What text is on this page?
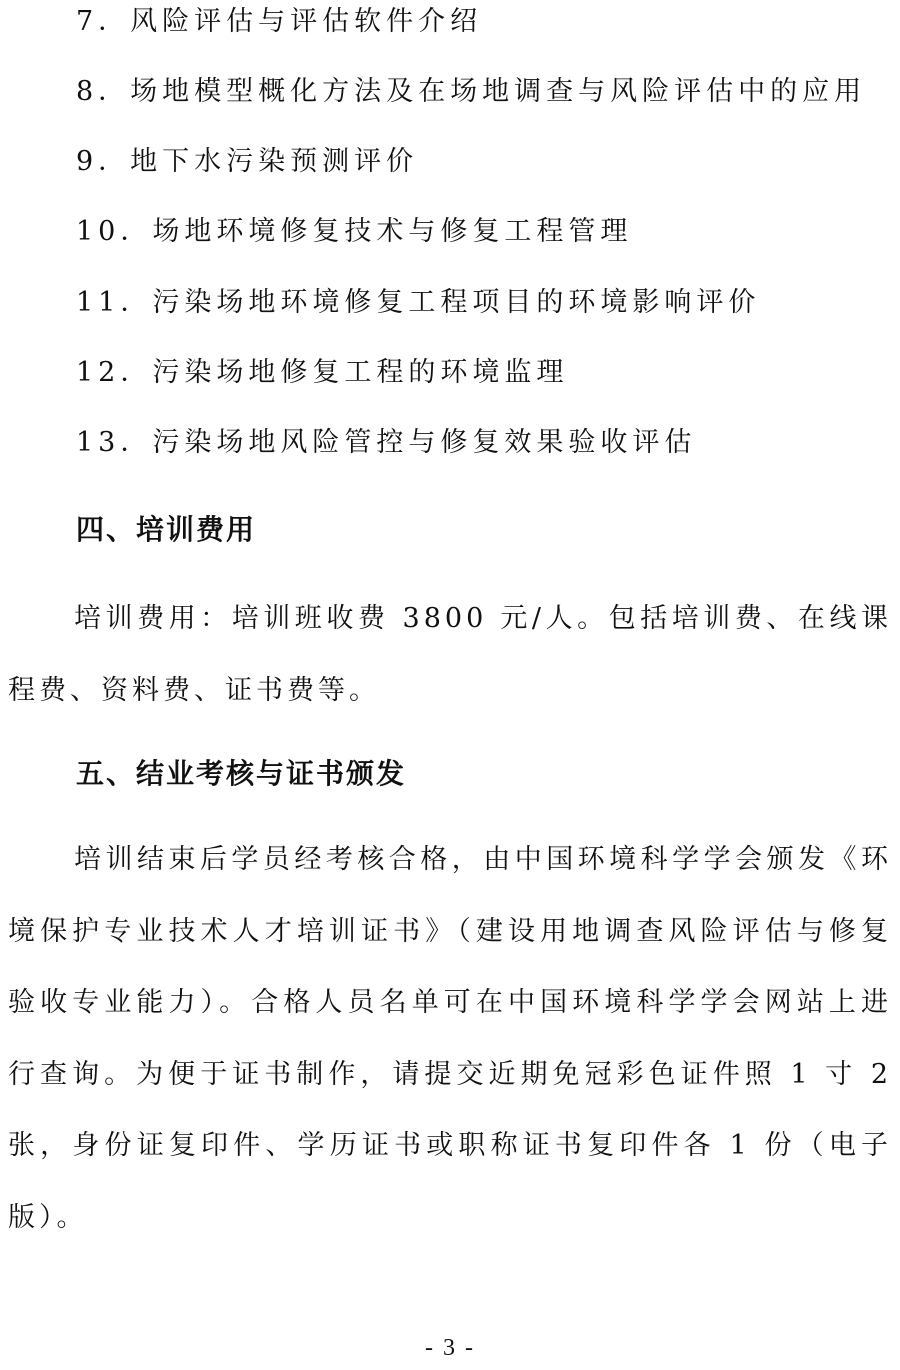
7．风险评估与评估软件介绍
8．场地模型概化方法及在场地调查与风险评估中的应用
9．地下水污染预测评价
10．场地环境修复技术与修复工程管理
11．污染场地环境修复工程项目的环境影响评价
12．污染场地修复工程的环境监理
13．污染场地风险管控与修复效果验收评估
四、培训费用
培训费用：培训班收费 3800 元/人。包括培训费、在线课程费、资料费、证书费等。
五、结业考核与证书颁发
培训结束后学员经考核合格，由中国环境科学学会颁发《环境保护专业技术人才培训证书》（建设用地调查风险评估与修复验收专业能力）。合格人员名单可在中国环境科学学会网站上进行查询。为便于证书制作，请提交近期免冠彩色证件照 1 寸 2 张，身份证复印件、学历证书或职称证书复印件各 1 份（电子版）。
- 3 -
